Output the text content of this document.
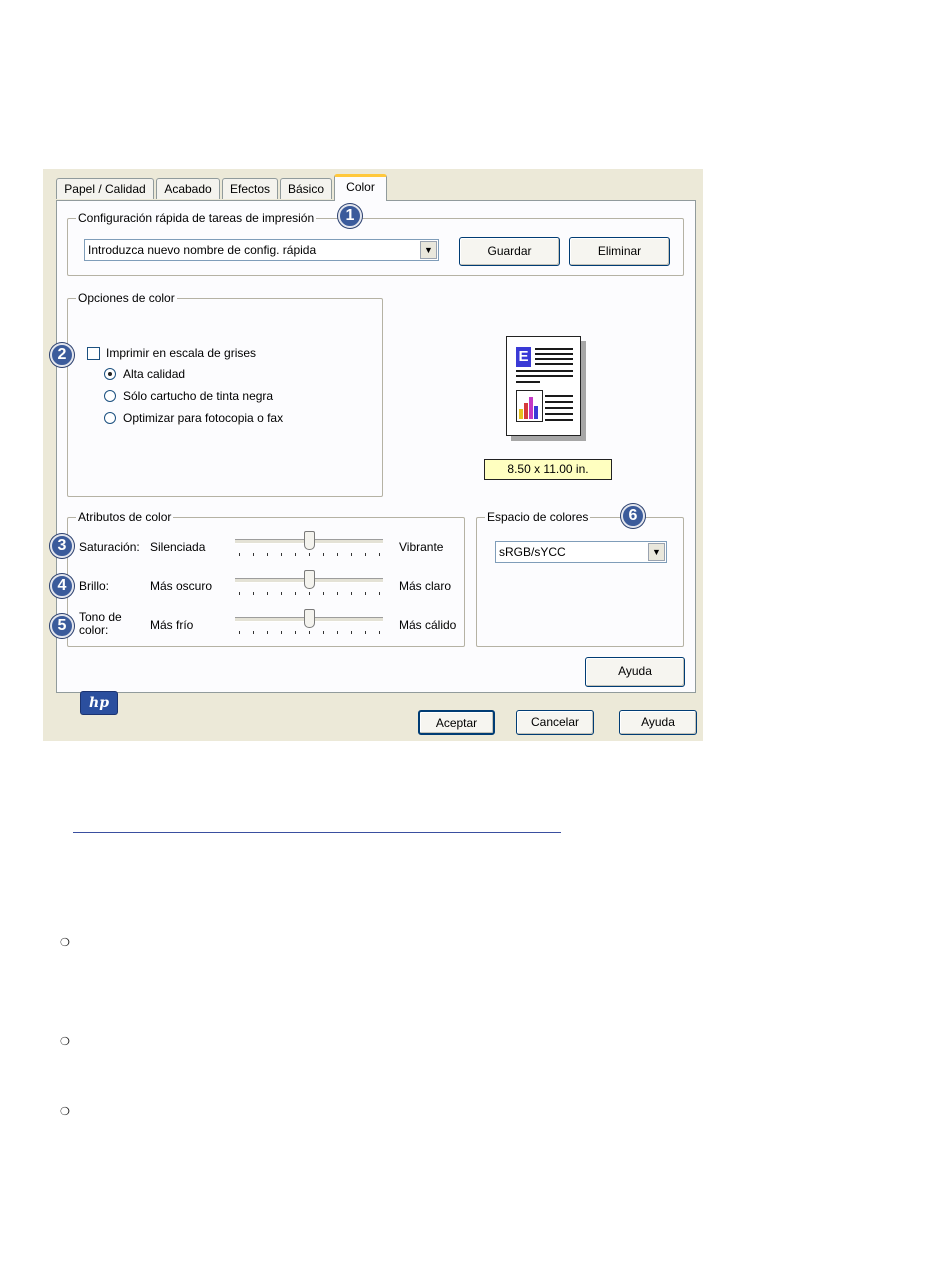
Papel / Calidad	Acabado	Efectos	Básico	Color
Configuración rápida de tareas de impresión
Introduzca nuevo nombre de config. rápida	▼	Guardar	Eliminar
1
Opciones de color
Imprimir en escala de grises
Alta calidad
Sólo cartucho de tinta negra
Optimizar para fotocopia o fax
2	E
8.50 x 11.00 in.
Atributos de color
Saturación: Silenciada	Vibrante
Brillo:	Más oscuro	Más claro
Tono de color:	Más frío	Más cálido
3
4
5
Espacio de colores
sRGB/sYCC	▼
6
hp
Ayuda
Aceptar	Cancelar	Ayuda
❍
❍
❍
